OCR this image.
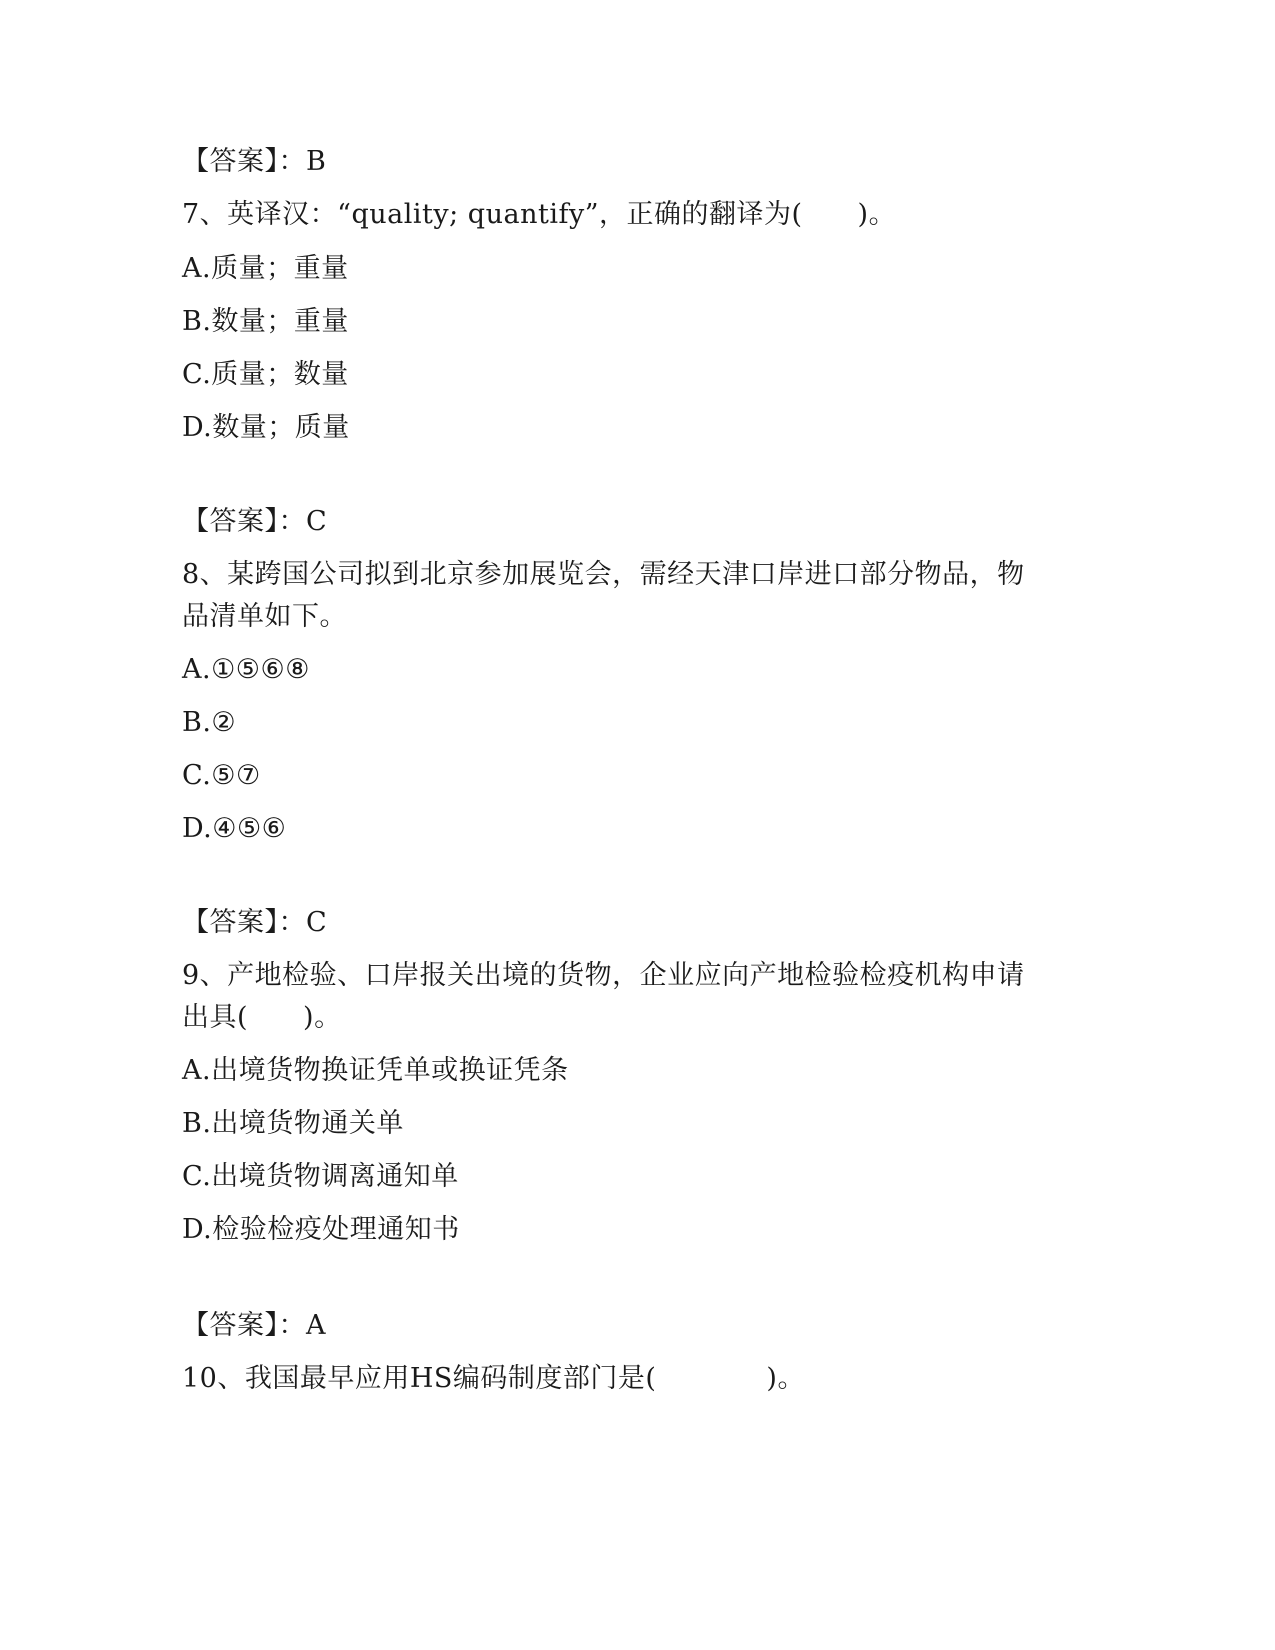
【答案】：B
7、英译汉：“quality; quantify”，正确的翻译为(　　)。
A.质量；重量
B.数量；重量
C.质量；数量
D.数量；质量
【答案】：C
8、某跨国公司拟到北京参加展览会，需经天津口岸进口部分物品，物
品清单如下。
A.①⑤⑥⑧
B.②
C.⑤⑦
D.④⑤⑥
【答案】：C
9、产地检验、口岸报关出境的货物，企业应向产地检验检疫机构申请
出具(　　)。
A.出境货物换证凭单或换证凭条
B.出境货物通关单
C.出境货物调离通知单
D.检验检疫处理通知书
【答案】：A
10、我国最早应用HS编码制度部门是(　　　　)。
